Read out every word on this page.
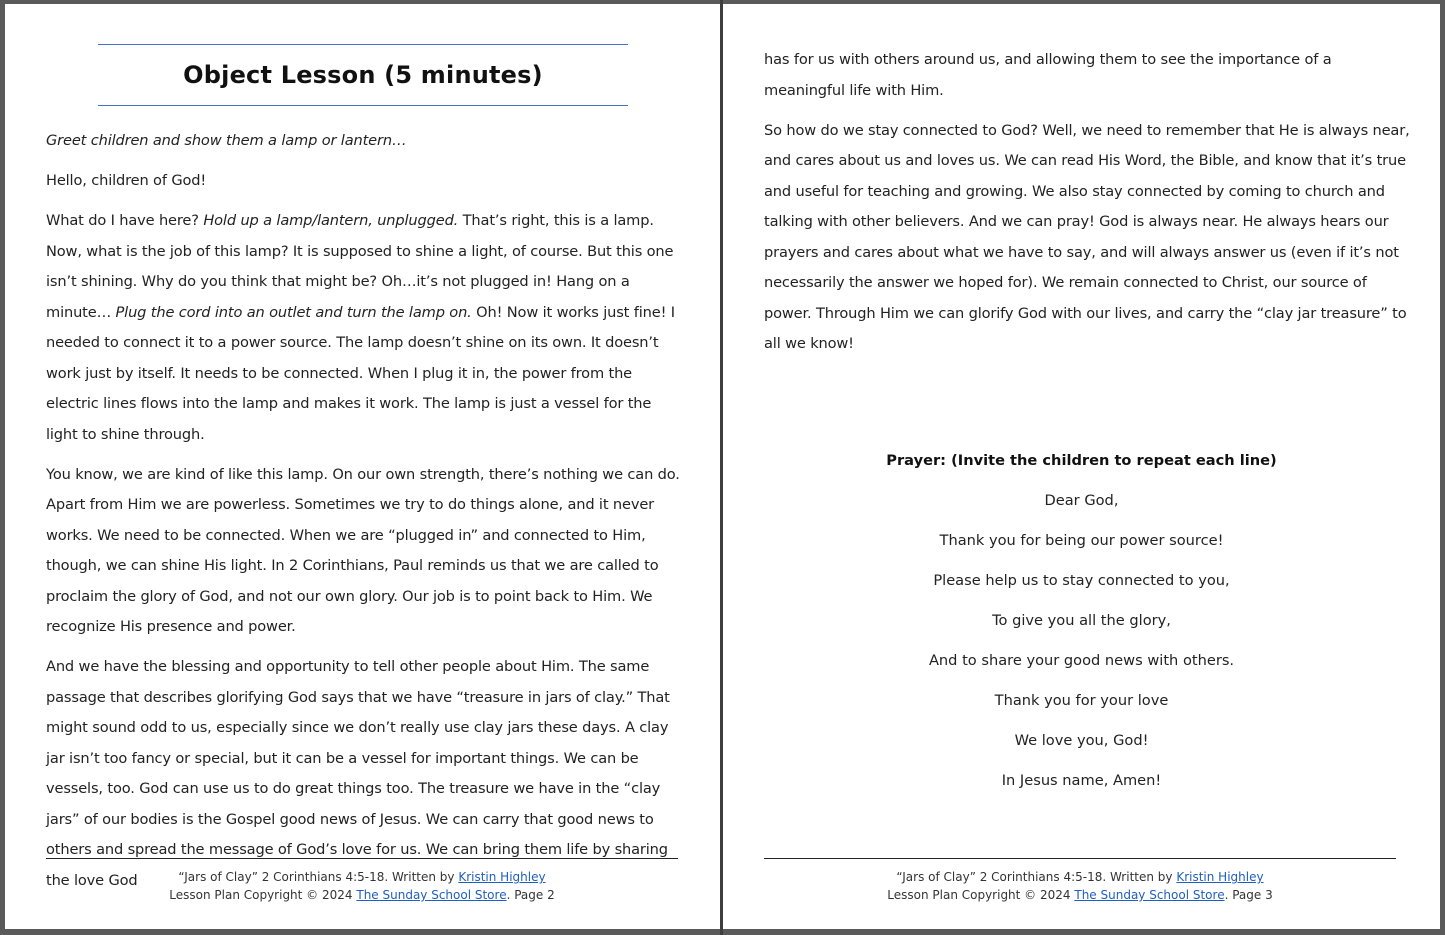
Object Lesson (5 minutes)

Greet children and show them a lamp or lantern…

Hello, children of God!

What do I have here? Hold up a lamp/lantern, unplugged. That’s right, this is a lamp. Now, what is the job of this lamp? It is supposed to shine a light, of course. But this one isn’t shining. Why do you think that might be? Oh…it’s not plugged in! Hang on a minute… Plug the cord into an outlet and turn the lamp on. Oh! Now it works just fine! I needed to connect it to a power source. The lamp doesn’t shine on its own. It doesn’t work just by itself. It needs to be connected. When I plug it in, the power from the electric lines flows into the lamp and makes it work. The lamp is just a vessel for the light to shine through.

You know, we are kind of like this lamp. On our own strength, there’s nothing we can do. Apart from Him we are powerless. Sometimes we try to do things alone, and it never works. We need to be connected. When we are “plugged in” and connected to Him, though, we can shine His light. In 2 Corinthians, Paul reminds us that we are called to proclaim the glory of God, and not our own glory. Our job is to point back to Him. We recognize His presence and power.

And we have the blessing and opportunity to tell other people about Him. The same passage that describes glorifying God says that we have “treasure in jars of clay.” That might sound odd to us, especially since we don’t really use clay jars these days. A clay jar isn’t too fancy or special, but it can be a vessel for important things. We can be vessels, too. God can use us to do great things too. The treasure we have in the “clay jars” of our bodies is the Gospel good news of Jesus. We can carry that good news to others and spread the message of God’s love for us. We can bring them life by sharing the love God	“Jars of Clay” 2 Corinthians 4:5-18. Written by Kristin Highley
Lesson Plan Copyright © 2024 The Sunday School Store. Page 2

has for us with others around us, and allowing them to see the importance of a meaningful life with Him.

So how do we stay connected to God? Well, we need to remember that He is always near, and cares about us and loves us. We can read His Word, the Bible, and know that it’s true and useful for teaching and growing. We also stay connected by coming to church and talking with other believers. And we can pray! God is always near. He always hears our prayers and cares about what we have to say, and will always answer us (even if it’s not necessarily the answer we hoped for). We remain connected to Christ, our source of power. Through Him we can glorify God with our lives, and carry the “clay jar treasure” to all we know!

Prayer: (Invite the children to repeat each line)
Dear God,
Thank you for being our power source!
Please help us to stay connected to you,
To give you all the glory,
And to share your good news with others.
Thank you for your love
We love you, God!
In Jesus name, Amen!
“Jars of Clay” 2 Corinthians 4:5-18. Written by Kristin Highley
Lesson Plan Copyright © 2024 The Sunday School Store. Page 3
